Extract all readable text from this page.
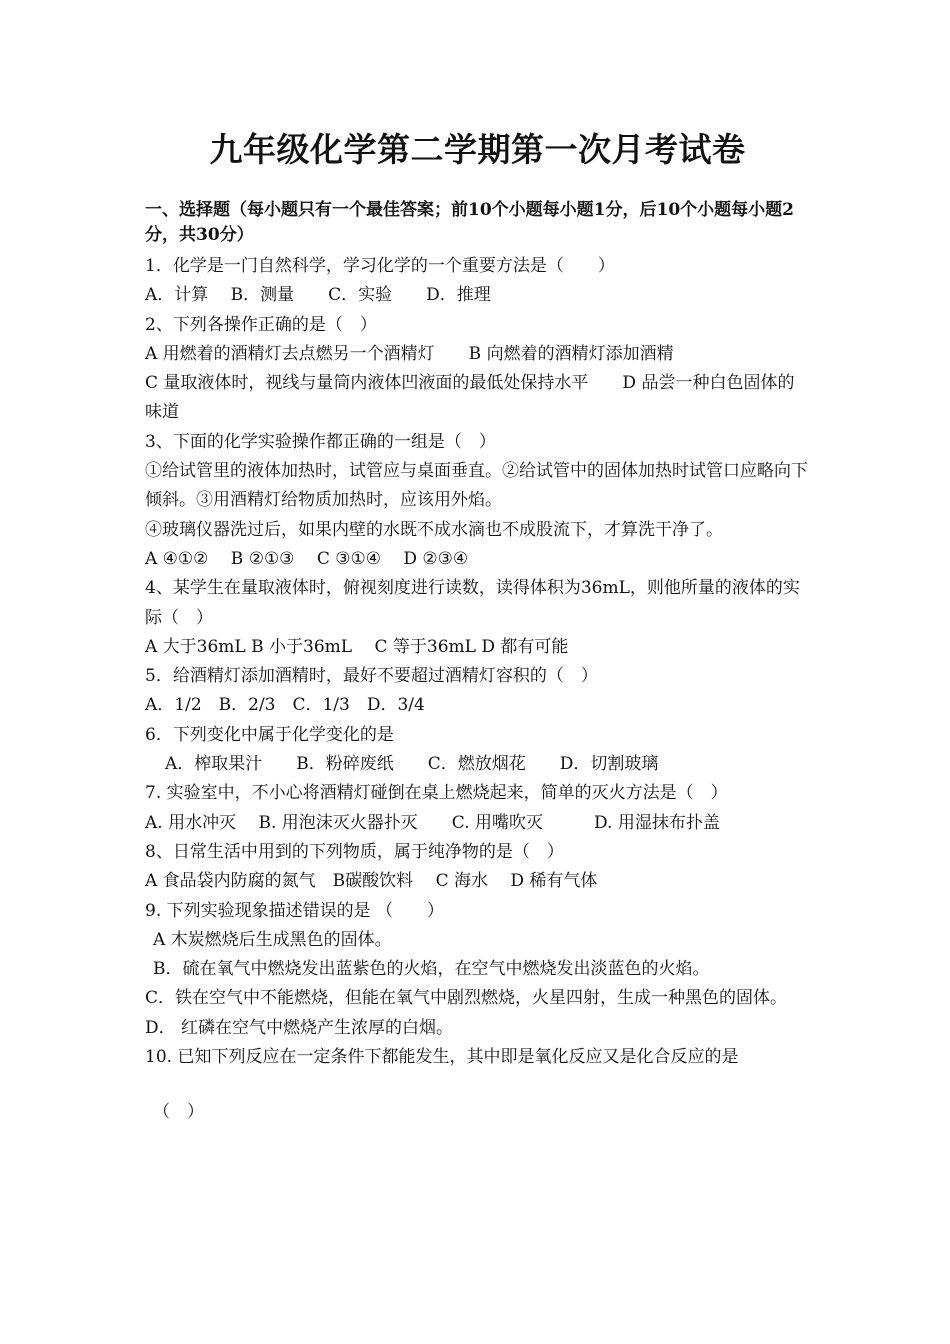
九年级化学第二学期第一次月考试卷
一、选择题（每小题只有一个最佳答案；前10个小题每小题1分，后10个小题每小题2分，共30分）
1．化学是一门自然科学，学习化学的一个重要方法是（　　）
A．计算　 B．测量　　C．实验　　D．推理
2、下列各操作正确的是（　）
A 用燃着的酒精灯去点燃另一个酒精灯　　B 向燃着的酒精灯添加酒精
C 量取液体时，视线与量筒内液体凹液面的最低处保持水平　　D 品尝一种白色固体的味道
3、下面的化学实验操作都正确的一组是（　）
①给试管里的液体加热时，试管应与桌面垂直。②给试管中的固体加热时试管口应略向下倾斜。③用酒精灯给物质加热时，应该用外焰。
④玻璃仪器洗过后，如果内壁的水既不成水滴也不成股流下，才算洗干净了。
A ④①②　 B ②①③　 C ③①④　 D ②③④
4、某学生在量取液体时，俯视刻度进行读数，读得体积为36mL，则他所量的液体的实际（　）
A 大于36mL B 小于36mL　 C 等于36mL D 都有可能
5．给酒精灯添加酒精时，最好不要超过酒精灯容积的（　）
A．1/2　B．2/3　C．1/3　D．3/4
6．下列变化中属于化学变化的是
A．榨取果汁　　B．粉碎废纸　　C．燃放烟花　　D．切割玻璃
7. 实验室中，不小心将酒精灯碰倒在桌上燃烧起来，简单的灭火方法是（　）
A. 用水冲灭　 B. 用泡沫灭火器扑灭　　C. 用嘴吹灭　　　D. 用湿抹布扑盖
8、日常生活中用到的下列物质，属于纯净物的是（　）
A 食品袋内防腐的氮气　B碳酸饮料　 C 海水　 D 稀有气体
9. 下列实验现象描述错误的是 （　　）
A 木炭燃烧后生成黑色的固体。
B．硫在氧气中燃烧发出蓝紫色的火焰，在空气中燃烧发出淡蓝色的火焰。
C．铁在空气中不能燃烧，但能在氧气中剧烈燃烧，火星四射，生成一种黑色的固体。
D． 红磷在空气中燃烧产生浓厚的白烟。
10. 已知下列反应在一定条件下都能发生，其中即是氧化反应又是化合反应的是
（　）
